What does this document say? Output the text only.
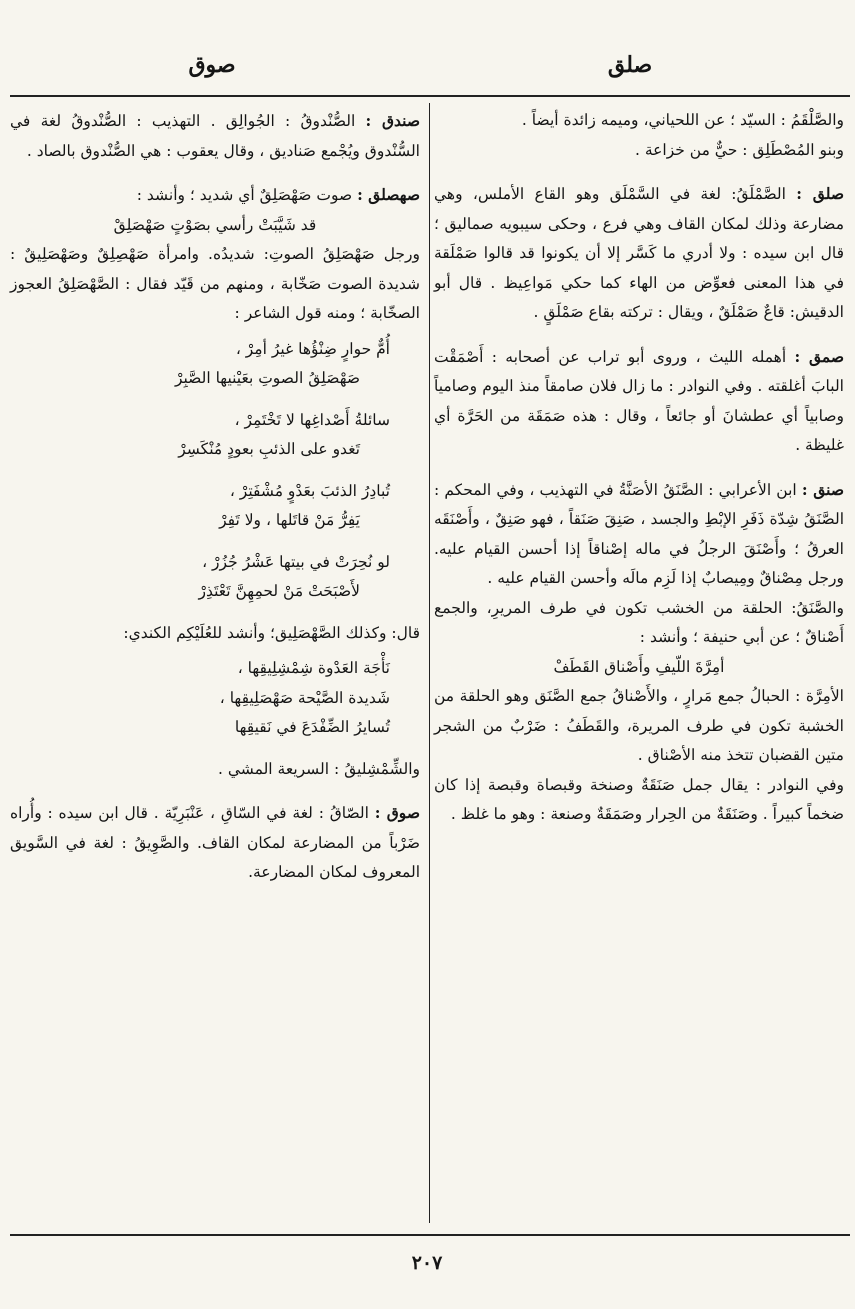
صلق
صوق

والصَّلْقَمُ : السيّد ؛ عن اللحياني، وميمه زائدة أيضاً .

وبنو المُصْطَلِق : حيٌّ من خزاعة .

صلق : الصَّمْلَقُ: لغة في السَّمْلَق وهو القاع الأملس، وهي مضارعة وذلك لمكان القاف وهي فرع ، وحكى سيبويه صماليق ؛ قال ابن سيده : ولا أدري ما كَسَّر إلا أن يكونوا قد قالوا صَمْلَقة في هذا المعنى فعوِّض من الهاء كما حكي مَواعِيظ . قال أبو الدقيش: قاعٌ صَمْلَقٌ ، ويقال : تركته بقاع صَمْلَقٍ .

صمق : أهمله الليث ، وروى أبو تراب عن أصحابه : أَصْمَقْت البابَ أغلقته . وفي النوادر : ما زال فلان صامقاً منذ اليوم وصامياً وصابياً أي عطشانَ أو جائعاً ، وقال : هذه صَمَقَة من الحَرَّة أي غليظة .

صنق : ابن الأعرابي : الصَّنَقُ الأصَنَّةُ في التهذيب ، وفي المحكم : الصَّنَقُ شِدّة ذَفَرِ الإبْطِ والجسد ، صَنِقَ صَنَقاً ، فهو صَنِقٌ ، وأَصْنَقَه العرقُ ؛ وأَصْنَقَ الرجلُ في ماله إصْناقاً إذا أحسن القيام عليه. ورجل مِصْناقٌ ومِيصابٌ إذا لَزِم مالَه وأحسن القيام عليه .

والصَّنَقُ: الحلقة من الخشب تكون في طرف المريرِ، والجمع أَصْناقٌ ؛ عن أبي حنيفة ؛ وأنشد :

أمِرَّةَ اللّيفِ وأَصْناق القَطَفْ

الأمِرَّة : الحبالُ جمع مَرارٍ ، والأَصْناقُ جمع الصَّنَق وهو الحلقة من الخشبة تكون في طرف المريرة، والقَطَفُ : ضَرْبٌ من الشجر متين القضبان تتخذ منه الأصْناق .

وفي النوادر : يقال جمل صَنَقَةٌ وصنخة وقبصاة وقبصة إذا كان ضخماً كبيراً . وصَنَقَةٌ من الحِرار وصَمَقَةٌ وصنعة : وهو ما غلظ .

صندق : الصُّنْدوقُ : الجُوالِق . التهذيب : الصُّنْدوقُ لغة في السُّنْدوق ويُجْمع صَناديق ، وقال يعقوب : هي الصُّنْدوق بالصاد .

صهصلق : صوت صَهْصَلِقٌ أي شديد ؛ وأنشد :

قد شَيَّبَتْ رأسي بصَوْتٍ صَهْصَلِقْ

ورجل صَهْصَلِقُ الصوتِ: شديدُه. وامرأة صَهْصِلِقٌ وصَهْصَلِيقٌ : شديدة الصوت صَخّابة ، ومنهم من قَيّد فقال : الصَّهْصَلِقُ العجوز الصخّابة ؛ ومنه قول الشاعر :

أُمٌّ حوارٍ ضِنْؤُها غيرُ أمِرْ ،

صَهْصَلِقُ الصوتِ بعَيْنيها الصَّبِرْ

سائلةُ أَصْداغِها لا تَخْتَمِرْ ،

تَغدو على الذئبِ بعودٍ مُنْكَسِرْ

تُبادِرُ الذئبَ بعَدْوٍ مُشْفَتِرْ ،

يَفِرُّ مَنْ قاتَلها ، ولا تَفِرْ

لو نُحِرَتْ في بيتها عَشْرُ جُزُرْ ،

لأَصْبَحَتْ مَنْ لحمِهِنَّ تَعْتَذِرْ

قال: وكذلك الصَّهْصَلِيق؛ وأنشد للعُلَيْكِم الكندي:

نَأْجَة العَدْوة شِمْشِلِيقِها ،

شَديدة الصَّيْحة صَهْصَلِيقِها ،

تُسايرُ الضِّفْدَعَ في نَقيقِها

والشِّمْشِليقُ : السريعة المشي .

صوق : الصّاقُ : لغة في السّاقِ ، عَنْبَرِيّة . قال ابن سيده : وأُراه ضَرْباً من المضارعة لمكان القاف. والصَّوِيقُ : لغة في السَّويق المعروف لمكان المضارعة.

٢٠٧
